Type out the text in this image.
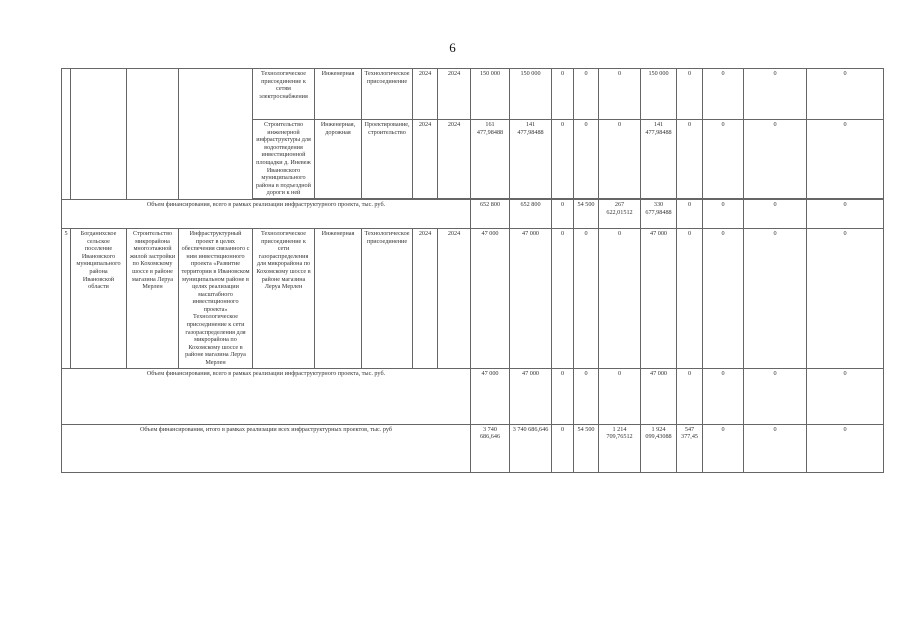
6
				Технологическое присоединение к сетям электроснабжения	Инженерная	Технологическое присоединение	2024	2024	150 000	150 000	0	0	0	150 000	0	0	0	0
				Строительство инженерной инфраструктуры для водоотведения инвестиционной площадки д. Иневеж Ивановского муниципального района в подъездной дороги к ней	Инженерная, дорожная	Проектирование, строительство	2024	2024	161 477,98488	141 477,98488	0	0	0	141 477,98488	0	0	0	0

Объем финансирования, всего в рамках реализации инфраструктурного проекта, тыс. руб.									652 800	652 800	0	54 500	267 622,01512	330 677,98488	0	0	0	0
5	Богданихское сельское поселение Ивановского муниципального района Ивановской области	Строительство микрорайона многоэтажной жилой застройки по Кохомскому шоссе в районе магазина Леруа Мерлен	Инфраструктурный проект в целях обеспечения связанного с ним инвестиционного проекта «Развитие территории в Ивановском муниципальном районе в целях реализации масштабного инвестиционного проекта» Технологическое присоединение к сети газораспределения для микрорайона по Кохомскому шоссе в районе магазина Леруа Мерлен	Технологическое присоединение к сети газораспределения для микрорайона по Кохомскому шоссе в районе магазина Леруа Мерлен	Инженерная	Технологическое присоединение	2024	2024	47 000	47 000	0	0	0	47 000	0	0	0	0
Объем финансирования, всего в рамках реализации инфраструктурного проекта, тыс. руб.									47 000	47 000	0	0	0	47 000	0	0	0	0
Объем финансирования, итого в рамках реализации всех инфраструктурных проектов, тыс. руб									3 740 686,646	3 740 686,646	0	54 500	1 214 709,76512	1 924 099,43088	547 377,45	0	0	0
